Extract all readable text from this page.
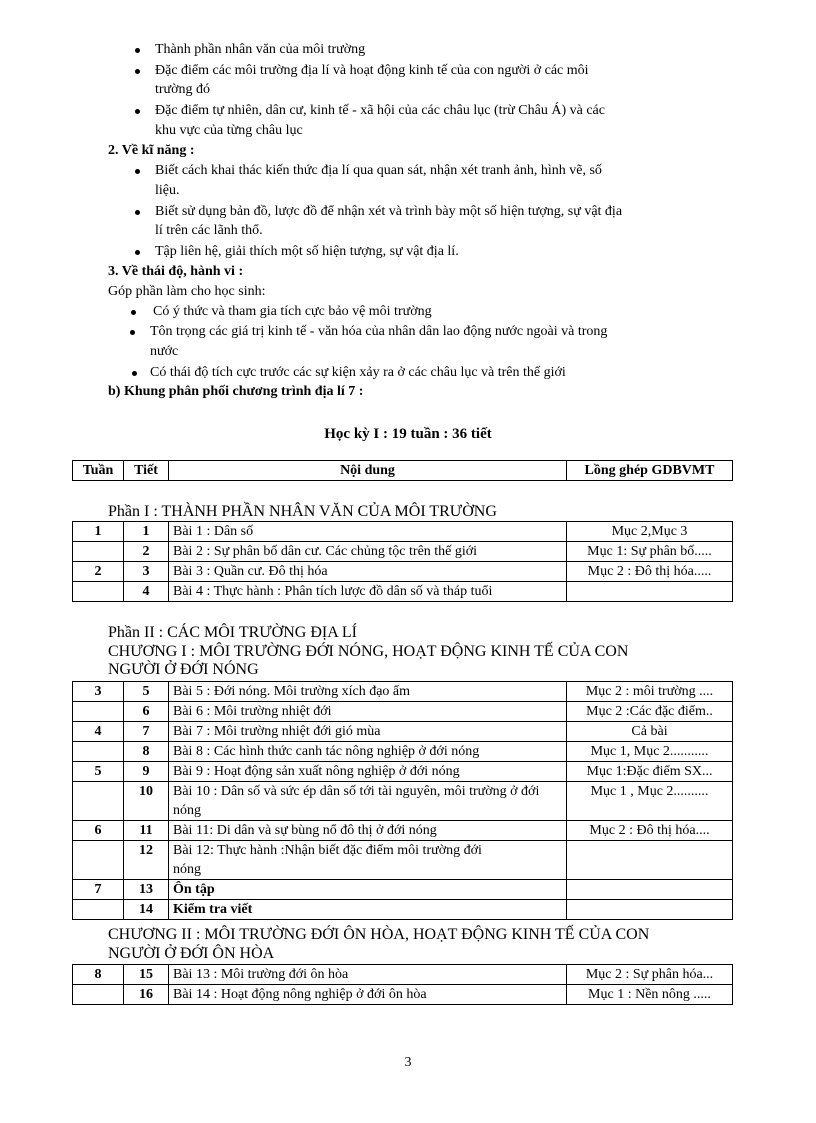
Thành phần nhân văn của môi trường
Đặc điểm các môi trường địa lí và hoạt động kinh tế của con người ở các môi
trường đó
Đặc điểm tự nhiên, dân cư, kinh tế - xã hội của các châu lục (trừ Châu Á) và các
khu vực của từng châu lục
2. Về kĩ năng :
Biết cách khai thác kiến thức địa lí qua quan sát, nhận xét tranh ảnh, hình vẽ, số
liệu.
Biết sử dụng bản đồ, lược đồ để nhận xét và trình bày một số hiện tượng, sự vật địa
lí trên các lãnh thổ.
Tập liên hệ, giải thích một số hiện tượng, sự vật địa lí.
3. Về thái độ, hành vi :
Góp phần làm cho học sinh:
Có ý thức và tham gia tích cực bảo vệ môi trường
Tôn trọng các giá trị kinh tế - văn hóa của nhân dân lao động nước ngoài và trong
nước
Có thái độ tích cực trước các sự kiện xảy ra ở các châu lục và trên thế giới
b) Khung phân phối chương trình địa lí 7 :
Học kỳ I : 19 tuần : 36 tiết
Tuần	Tiết	Nội dung	Lồng ghép GDBVMT
Phần I : THÀNH PHẦN NHÂN VĂN CỦA MÔI TRƯỜNG
1	1	Bài 1 : Dân số	Mục 2,Mục 3
	2	Bài 2 : Sự phân bố dân cư. Các chủng tộc trên thế giới	Mục 1: Sự phân bố.....
2	3	Bài 3 : Quần cư. Đô thị hóa	Mục 2 : Đô thị hóa.....
	4	Bài 4 : Thực hành : Phân tích lược đồ dân số và tháp tuổi	
Phần II : CÁC MÔI TRƯỜNG ĐỊA LÍ
CHƯƠNG I : MÔI TRƯỜNG ĐỚI NÓNG, HOẠT ĐỘNG KINH TẾ CỦA CON
NGƯỜI Ở ĐỚI NÓNG
3	5	Bài 5 : Đới nóng. Môi trường xích đạo ẩm	Mục 2 : môi trường ....
	6	Bài 6 : Môi trường nhiệt đới	Mục 2 :Các đặc điểm..
4	7	Bài 7 : Môi trường nhiệt đới gió mùa	Cả bài
	8	Bài 8 : Các hình thức canh tác nông nghiệp ở đới nóng	Mục 1, Mục 2...........
5	9	Bài 9 : Hoạt động sản xuất nông nghiệp ở đới nóng	Mục 1:Đặc điểm SX...
	10	Bài 10 : Dân số và sức ép dân số tới tài nguyên, môi trường ở đới nóng	Mục 1 , Mục 2..........
6	11	Bài 11: Di dân và sự bùng nổ đô thị ở đới nóng	Mục 2 : Đô thị hóa....
	12	Bài 12: Thực hành :Nhận biết đặc điểm môi trường đới nóng	
7	13	Ôn tập	
	14	Kiểm tra viết	
CHƯƠNG II : MÔI TRƯỜNG ĐỚI ÔN HÒA, HOẠT ĐỘNG KINH TẾ CỦA CON
NGƯỜI Ở ĐỚI ÔN HÒA
8	15	Bài 13 : Môi trường đới ôn hòa	Mục 2 : Sự phân hóa...
	16	Bài 14 : Hoạt động nông nghiệp ở đới ôn hòa	Mục 1 : Nền nông .....
3
